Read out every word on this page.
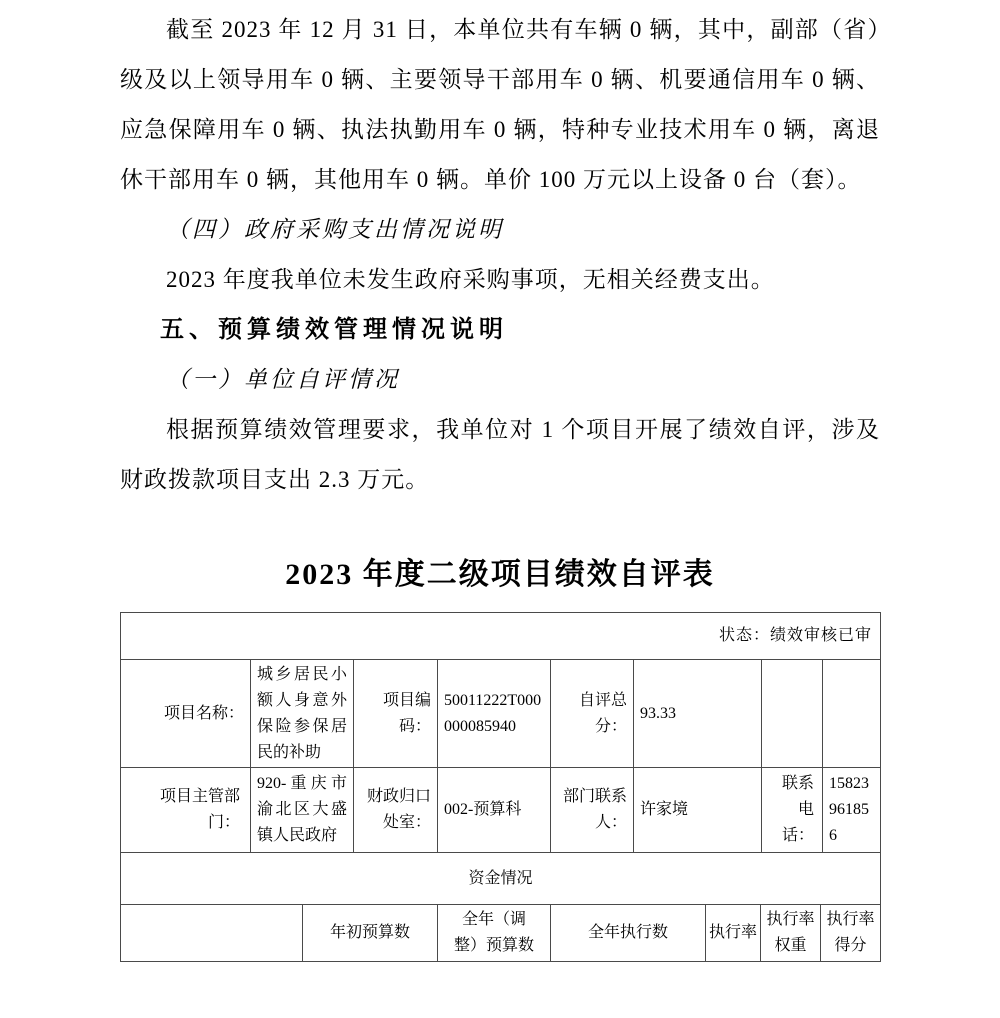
截至 2023 年 12 月 31 日，本单位共有车辆 0 辆，其中，副部（省）级及以上领导用车 0 辆、主要领导干部用车 0 辆、机要通信用车 0 辆、应急保障用车 0 辆、执法执勤用车 0 辆，特种专业技术用车 0 辆，离退休干部用车 0 辆，其他用车 0 辆。单价 100 万元以上设备 0 台（套）。

（四）政府采购支出情况说明

2023 年度我单位未发生政府采购事项，无相关经费支出。

五、预算绩效管理情况说明

（一）单位自评情况

根据预算绩效管理要求，我单位对 1 个项目开展了绩效自评，涉及财政拨款项目支出 2.3 万元。

2023 年度二级项目绩效自评表
状态：绩效审核已审
项目名称：
城乡居民小额人身意外保险参保居民的补助
项目编码：
50011222T000000085940
自评总分：
93.33
项目主管部门：
920-重庆市渝北区大盛镇人民政府
财政归口处室：
002-预算科
部门联系人：
许家境
联系电话：
15823961856
资金情况
年初预算数
全年（调整）预算数
全年执行数	执行率
执行率权重
执行率得分
